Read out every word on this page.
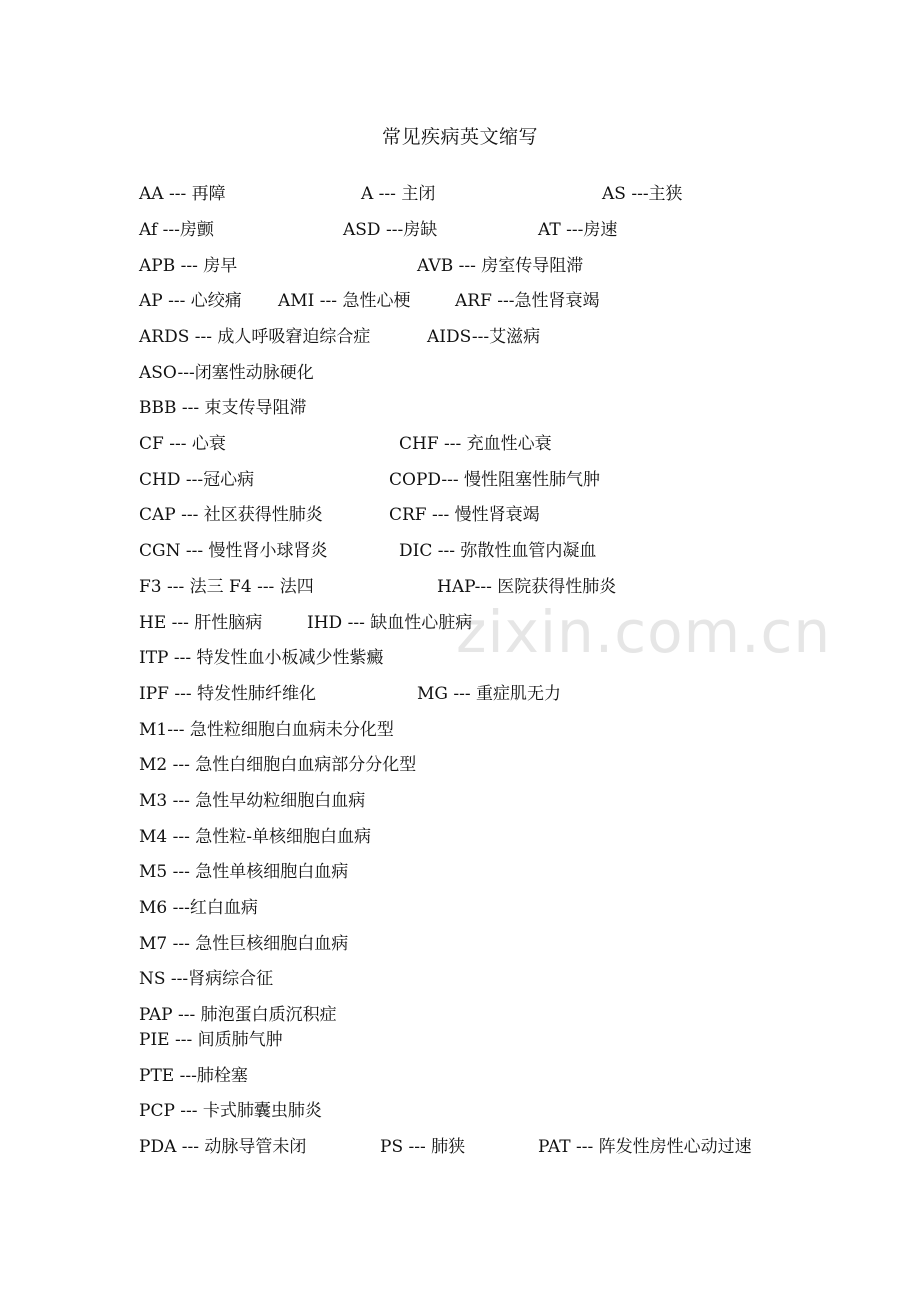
zixin.com.cn
常见疾病英文缩写
AA --- 再障	A --- 主闭	AS ---主狭
Af ---房颤	ASD ---房缺	AT ---房速
APB --- 房早	AVB --- 房室传导阻滞
AP --- 心绞痛 AMI --- 急性心梗	ARF ---急性肾衰竭
ARDS --- 成人呼吸窘迫综合症	AIDS---艾滋病
ASO---闭塞性动脉硬化
BBB --- 束支传导阻滞
CF --- 心衰	CHF --- 充血性心衰
CHD ---冠心病	COPD--- 慢性阻塞性肺气肿
CAP --- 社区获得性肺炎	CRF --- 慢性肾衰竭
CGN --- 慢性肾小球肾炎	DIC --- 弥散性血管内凝血
F3 --- 法三 F4 --- 法四	HAP--- 医院获得性肺炎
HE --- 肝性脑病	IHD --- 缺血性心脏病
ITP --- 特发性血小板减少性紫癜
IPF --- 特发性肺纤维化	MG --- 重症肌无力
M1--- 急性粒细胞白血病未分化型
M2 --- 急性白细胞白血病部分分化型
M3 --- 急性早幼粒细胞白血病
M4 --- 急性粒-单核细胞白血病
M5 --- 急性单核细胞白血病
M6 ---红白血病
M7 --- 急性巨核细胞白血病
NS ---肾病综合征
PAP --- 肺泡蛋白质沉积症
PIE --- 间质肺气肿
PTE ---肺栓塞
PCP --- 卡式肺囊虫肺炎
PDA --- 动脉导管未闭	PS --- 肺狭	PAT --- 阵发性房性心动过速
